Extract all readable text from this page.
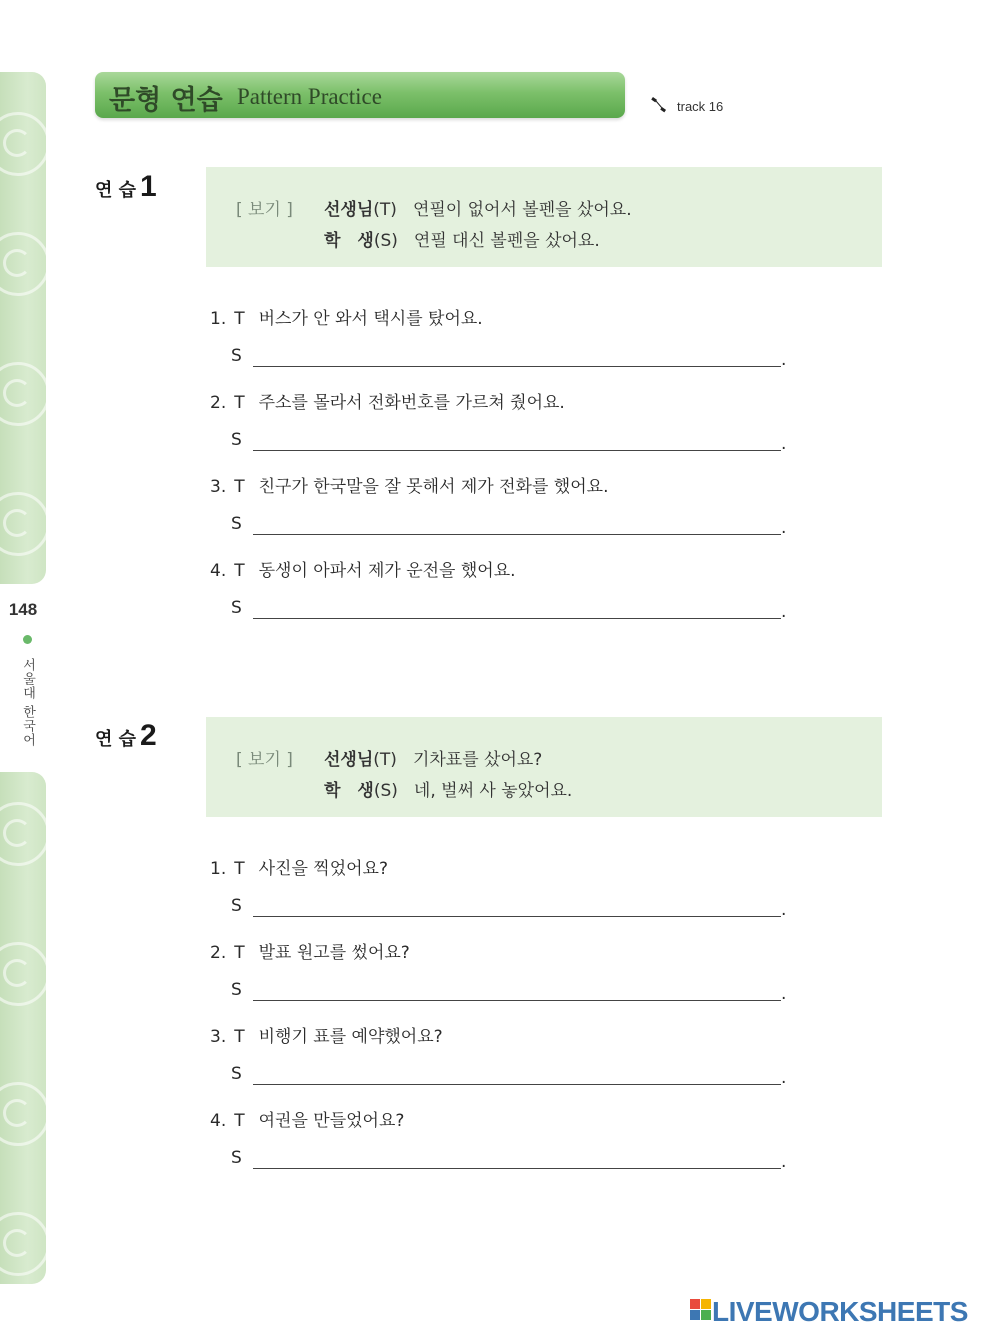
148
서울대 한국어
문형 연습 Pattern Practice	track 16
연 습 1
[ 보기 ] 선생님(T) 연필이 없어서 볼펜을 샀어요.
학　생(S) 연필 대신 볼펜을 샀어요.
1. T 버스가 안 와서 택시를 탔어요.
S	.
2. T 주소를 몰라서 전화번호를 가르쳐 줬어요.
S	.
3. T 친구가 한국말을 잘 못해서 제가 전화를 했어요.
S	.
4. T 동생이 아파서 제가 운전을 했어요.
S	.
연 습 2
[ 보기 ] 선생님(T) 기차표를 샀어요?
학　생(S) 네, 벌써 사 놓았어요.
1. T 사진을 찍었어요?
S	.
2. T 발표 원고를 썼어요?
S	.
3. T 비행기 표를 예약했어요?
S	.
4. T 여권을 만들었어요?
S	.
LIVEWORKSHEETS
